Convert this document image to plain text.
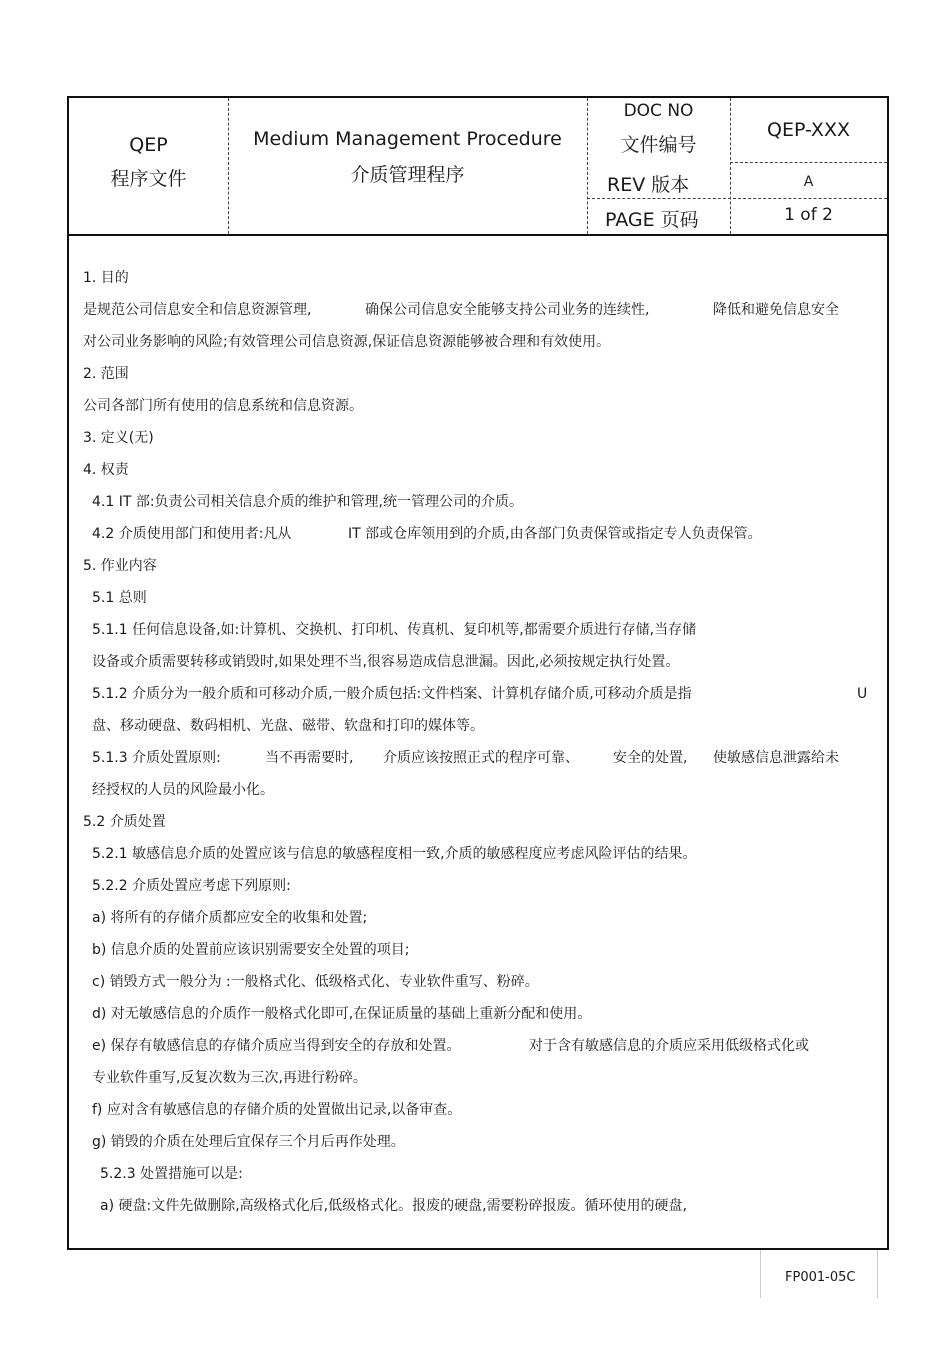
QEP
程序文件
Medium Management Procedure
介质管理程序
DOC NO
文件编号
QEP-XXX
REV 版本	A
PAGE 页码	1 of 2
1. 目的

是规范公司信息安全和信息资源管理,

	确保公司信息安全能够支持公司业务的连续性,

	降低和避免信息安全

对公司业务影响的风险;有效管理公司信息资源,保证信息资源能够被合理和有效使用。
2. 范围
公司各部门所有使用的信息系统和信息资源。
3. 定义(无)
4. 权责
4.1 IT 部:负责公司相关信息介质的维护和管理,统一管理公司的介质。

4.2 介质使用部门和使用者:凡从

	IT 部或仓库领用到的介质,由各部门负责保管或指定专人负责保管。

5. 作业内容
5.1 总则
5.1.1 任何信息设备,如:计算机、交换机、打印机、传真机、复印机等,都需要介质进行存储,当存储
设备或介质需要转移或销毁时,如果处理不当,很容易造成信息泄漏。因此,必须按规定执行处置。

5.1.2 介质分为一般介质和可移动介质,一般介质包括:文件档案、计算机存储介质,可移动介质是指

	U

盘、移动硬盘、数码相机、光盘、磁带、软盘和打印的媒体等。

5.1.3 介质处置原则:

	当不再需要时,

介质应该按照正式的程序可靠、

安全的处置,

使敏感信息泄露给未

经授权的人员的风险最小化。
5.2 介质处置
5.2.1 敏感信息介质的处置应该与信息的敏感程度相一致,介质的敏感程度应考虑风险评估的结果。
5.2.2 介质处置应考虑下列原则:
a) 将所有的存储介质都应安全的收集和处置;
b) 信息介质的处置前应该识别需要安全处置的项目;
c) 销毁方式一般分为 :一般格式化、低级格式化、专业软件重写、粉碎。
d) 对无敏感信息的介质作一般格式化即可,在保证质量的基础上重新分配和使用。

e) 保存有敏感信息的存储介质应当得到安全的存放和处置。

	对于含有敏感信息的介质应采用低级格式化或

专业软件重写,反复次数为三次,再进行粉碎。
f) 应对含有敏感信息的存储介质的处置做出记录,以备审查。
g) 销毁的介质在处理后宜保存三个月后再作处理。
5.2.3 处置措施可以是:
a) 硬盘:文件先做删除,高级格式化后,低级格式化。报废的硬盘,需要粉碎报废。循环使用的硬盘,
FP001-05C
